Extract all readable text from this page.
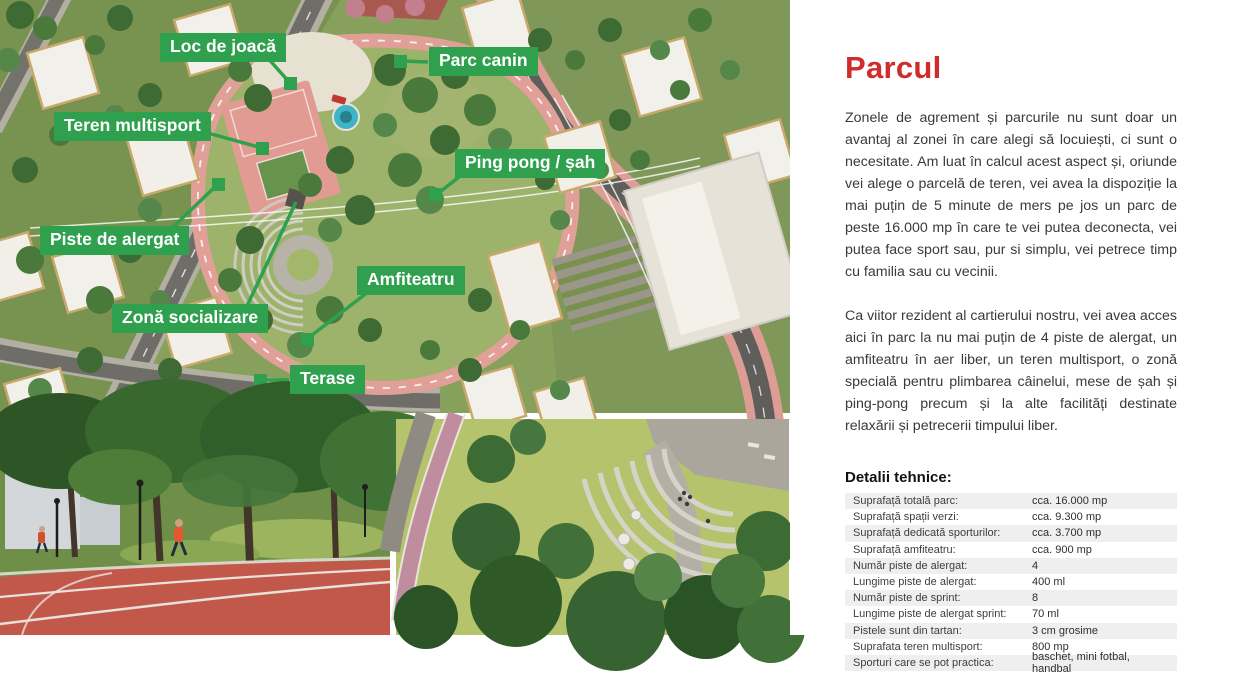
Loc de joacă
Parc canin
Teren multisport
Ping pong / șah
Piste de alergat
Amfiteatru
Zonă socializare
Terase
Parcul

Zonele de agrement și parcurile nu sunt doar un avantaj al zonei în care alegi să locuiești, ci sunt o necesitate. Am luat în calcul acest aspect și, oriunde vei alege o parcelă de teren, vei avea la dispoziție la mai puțin de 5 minute de mers pe jos un parc de peste 16.000 mp în care te vei putea deconecta, vei putea face sport sau, pur si simplu, vei petrece timp cu familia sau cu vecinii.

Ca viitor rezident al cartierului nostru, vei avea acces aici în parc la nu mai puțin de 4 piste de alergat, un amfiteatru în aer liber, un teren multisport, o zonă specială pentru plimbarea câinelui, mese de șah și ping-pong precum și la alte facilități destinate relaxării și petrecerii timpului liber.

Detalii tehnice:
Suprafață totală parc:	cca. 16.000 mp
Suprafață spații verzi:	cca. 9.300 mp
Suprafață dedicată sporturilor:	cca. 3.700 mp
Suprafață amfiteatru:	cca. 900 mp
Număr piste de alergat:	4
Lungime piste de alergat:	400 ml
Număr piste de sprint:	8
Lungime piste de alergat sprint:	70 ml
Pistele sunt din tartan:	3 cm grosime
Suprafata teren multisport:	800 mp
Sporturi care se pot practica:	baschet, mini fotbal, handbal
